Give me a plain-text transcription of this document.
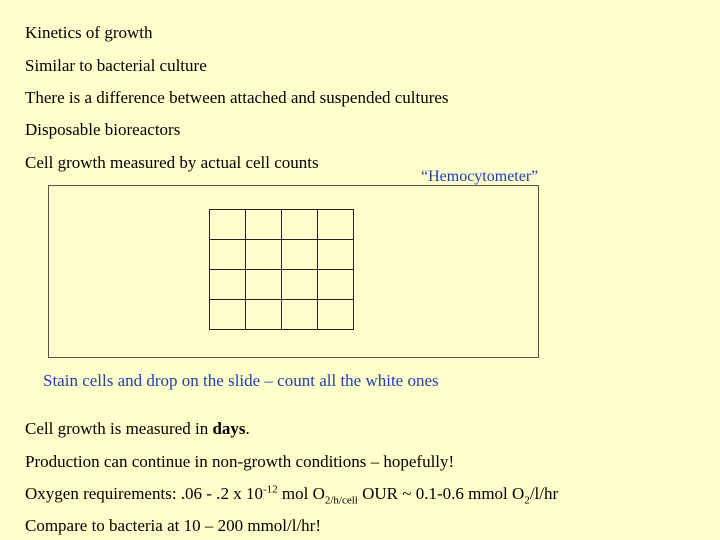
Kinetics of growth
Similar to bacterial culture
There is a difference between attached and suspended cultures
Disposable bioreactors
Cell growth measured by actual cell counts
“Hemocytometer”
Stain cells and drop on the slide – count all the white ones
Cell growth is measured in days.
Production can continue in non-growth conditions – hopefully!
Oxygen requirements: .06 - .2 x $10^{-12}$ mol $O_{2/h/cell}$ OUR ~ 0.1-0.6 mmol $O_2/l/hr$
Compare to bacteria at 10 – 200 mmol/l/hr!
